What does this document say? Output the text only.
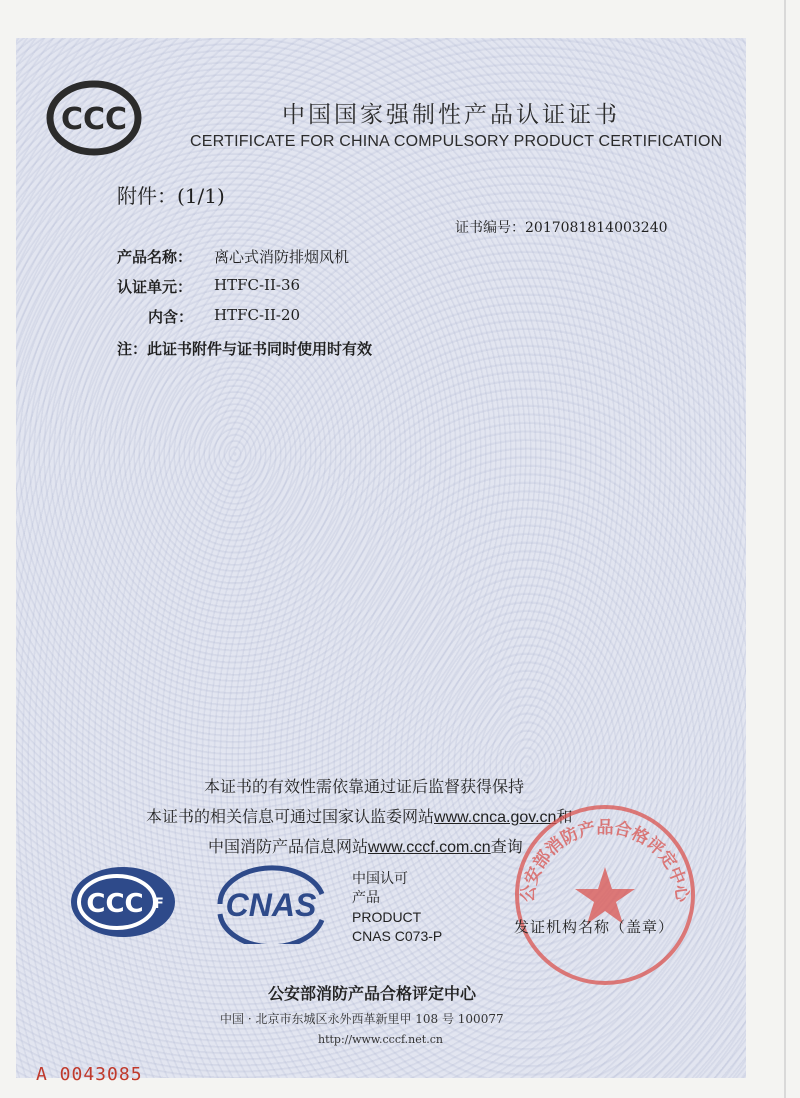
CCC	中国国家强制性产品认证证书
CERTIFICATE FOR CHINA COMPULSORY PRODUCT CERTIFICATION
附件：(1/1)
证书编号：2017081814003240
产品名称： 离心式消防排烟风机
认证单元： HTFC-II-36
内含： HTFC-II-20
注：此证书附件与证书同时使用时有效
本证书的有效性需依靠通过证后监督获得保持
本证书的相关信息可通过国家认监委网站www.cnca.gov.cn和
中国消防产品信息网站www.cccf.com.cn查询
CCC F CNAS
中国认可
产品
PRODUCT
CNAS C073-P
公安部消防产品合格评定中心
发证机构名称（盖章）
公安部消防产品合格评定中心
中国 · 北京市东城区永外西革新里甲 108 号 100077
http://www.cccf.net.cn
A 0043085
